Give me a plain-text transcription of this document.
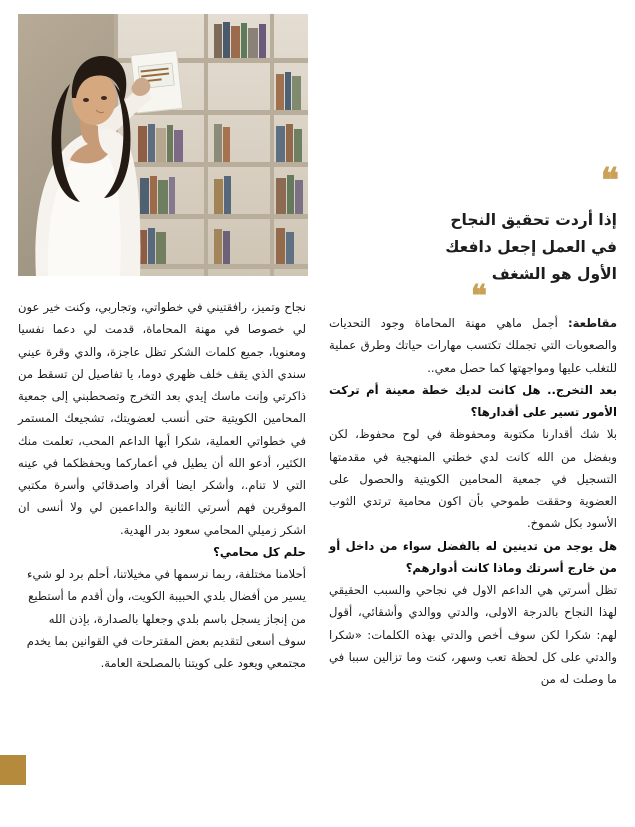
❝
إذا أردت تحقيق النجاح
في العمل إجعل دافعك
الأول هو الشغف
❝

مقاطعة: أجمل ماهي مهنة المحاماة وجود التحديات والصعوبات التي تجملك تكتسب مهارات حياتك وطرق عملية للتغلب عليها ومواجهتها كما حصل معي..

بعد التخرج.. هل كانت لديك خطة معينة أم تركت الأمور تسير على أقدارها؟

بلا شك أقدارنا مكتوبة ومحفوظة في لوح محفوظ، لكن وبفضل من الله كانت لدي خطتي المنهجية في مقدمتها التسجيل في جمعية المحامين الكويتية والحصول على العضوية وحققت طموحي بأن اكون محامية ترتدي الثوب الأسود بكل شموخ.

هل يوجد من تدينين له بالفضل سواء من داخل أو من خارج أسرتك وماذا كانت أدوارهم؟

تظل أسرتي هي الداعم الاول في نجاحي والسبب الحقيقي لهذا النجاح بالدرجة الاولى، والدتي ووالدي وأشقائي، أقول لهم: شكرا لكن سوف أخص والدتي بهذه الكلمات: «شكرا والدتي على كل لحظة تعب وسهر، كنت وما تزالين سببا في ما وصلت له من

نجاح وتميز، رافقتيني في خطواتي، وتجاربي، وكنت خير عون لي خصوصا في مهنة المحاماة، قدمت لي دعما نفسيا ومعنويا، جميع كلمات الشكر تظل عاجزة، والدي وقرة عيني سندي الذي يقف خلف ظهري دوما، يا تفاصيل لن تسقط من ذاكرتي وإنت ماسك إيدي بعد التخرج وتصحطبني إلى جمعية المحامين الكويتية حتى أنسب لعضويتك، تشجيعك المستمر في خطواتي العملية، شكرا أبها الداعم المحب، تعلمت منك الكثير، أدعو الله أن يطيل في أعماركما ويحفظكما في عينه التي لا تنام.، وأشكر ايضا أفراد واصدقائي وأسرة مكتبي الموقرين فهم أسرتي الثانية والداعمين لي ولا أنسى ان اشكر زميلي المحامي سعود بدر الهدية.

حلم كل محامي؟

أحلامنا مختلفة، ربما نرسمها في مخيلاتنا، أحلم برد لو شيء يسير من أفضال بلدي الحبيبة الكويت، وأن أقدم ما أستطيع من إنجاز يسجل باسم بلدي وجعلها بالصدارة، بإذن الله سوف أسعى لتقديم بعض المقترحات في القوانين بما يخدم مجتمعي ويعود على كويتنا بالمصلحة العامة.
